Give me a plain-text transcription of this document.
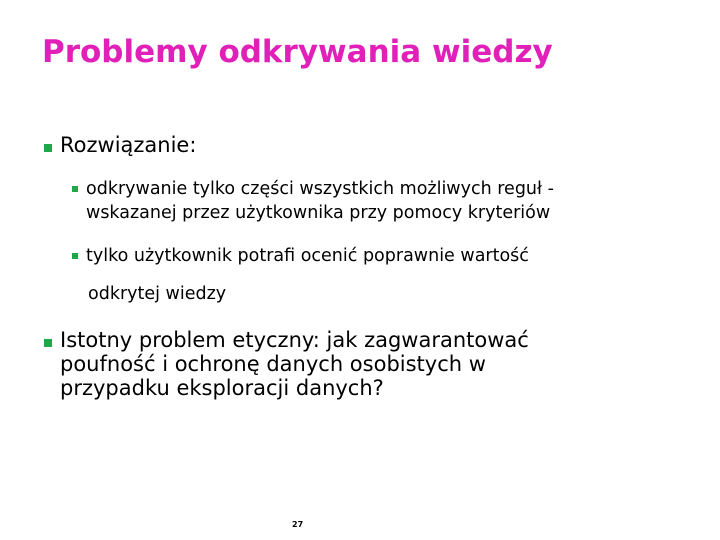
Problemy odkrywania wiedzy
Rozwiązanie:
odkrywanie tylko części wszystkich możliwych reguł -
wskazanej przez użytkownika przy pomocy kryteriów
tylko użytkownik potrafi ocenić poprawnie wartość
odkrytej wiedzy
Istotny problem etyczny: jak zagwarantować
poufność i ochronę danych osobistych w
przypadku eksploracji danych?
27
